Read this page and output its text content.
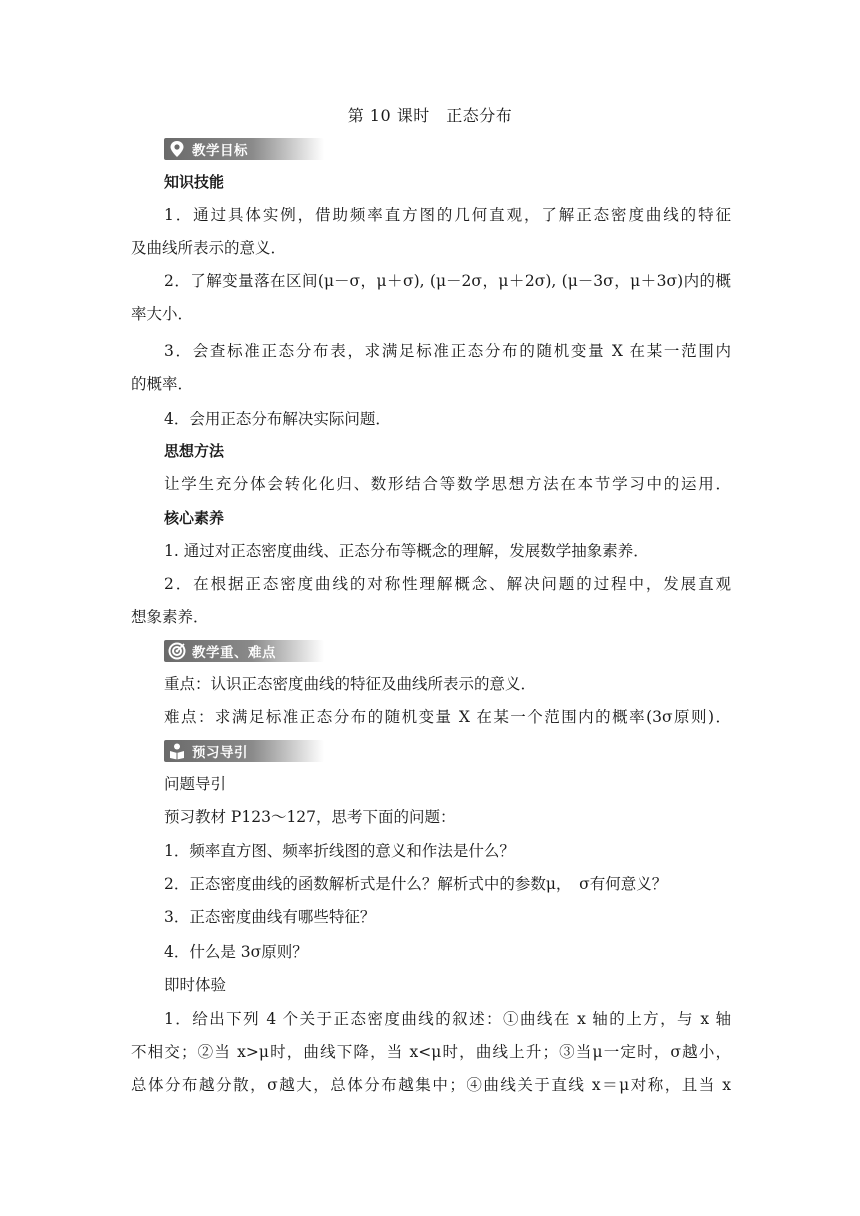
第 10 课时　正态分布
教学目标
知识技能
1．通过具体实例，借助频率直方图的几何直观，了解正态密度曲线的特征
及曲线所表示的意义．
2．了解变量落在区间(μ－σ，μ＋σ), (μ－2σ，μ＋2σ), (μ－3σ，μ＋3σ)内的概
率大小．
3．会查标准正态分布表，求满足标准正态分布的随机变量 X 在某一范围内
的概率．
4．会用正态分布解决实际问题．
思想方法
让学生充分体会转化化归、数形结合等数学思想方法在本节学习中的运用．
核心素养
1. 通过对正态密度曲线、正态分布等概念的理解，发展数学抽象素养．
2．在根据正态密度曲线的对称性理解概念、解决问题的过程中，发展直观
想象素养．
教学重、难点
重点：认识正态密度曲线的特征及曲线所表示的意义．
难点：求满足标准正态分布的随机变量 X 在某一个范围内的概率(3σ原则)．
预习导引
问题导引
预习教材 P123～127，思考下面的问题：
1．频率直方图、频率折线图的意义和作法是什么？
2．正态密度曲线的函数解析式是什么？解析式中的参数μ，　σ有何意义？
3．正态密度曲线有哪些特征？
4．什么是 3σ原则？
即时体验
1．给出下列 4 个关于正态密度曲线的叙述：①曲线在 x 轴的上方，与 x 轴
不相交；②当 x>μ时，曲线下降，当 x<μ时，曲线上升；③当μ一定时，σ越小，
总体分布越分散，σ越大，总体分布越集中；④曲线关于直线 x＝μ对称，且当 x
